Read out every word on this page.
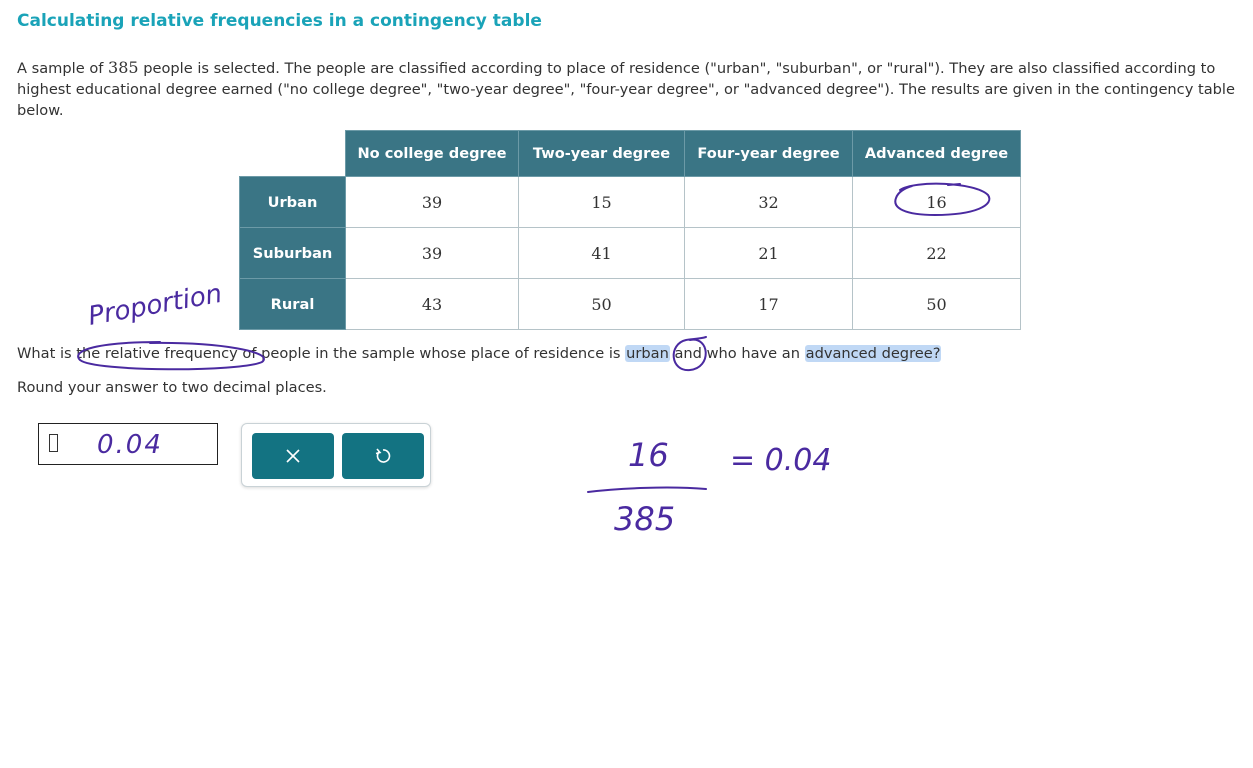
Calculating relative frequencies in a contingency table
A sample of 385 people is selected. The people are classified according to place of residence ("urban", "suburban", or "rural"). They are also classified according to highest educational degree earned ("no college degree", "two-year degree", "four-year degree", or "advanced degree"). The results are given in the contingency table below.
	No college degree	Two-year degree	Four-year degree	Advanced degree
Urban	39	15	32	16
Suburban	39	41	21	22
Rural	43	50	17	50
What is the relative frequency of people in the sample whose place of residence is urban and who have an advanced degree?
Round your answer to two decimal places.
0.04
Proportion
16
385
= 0.04
